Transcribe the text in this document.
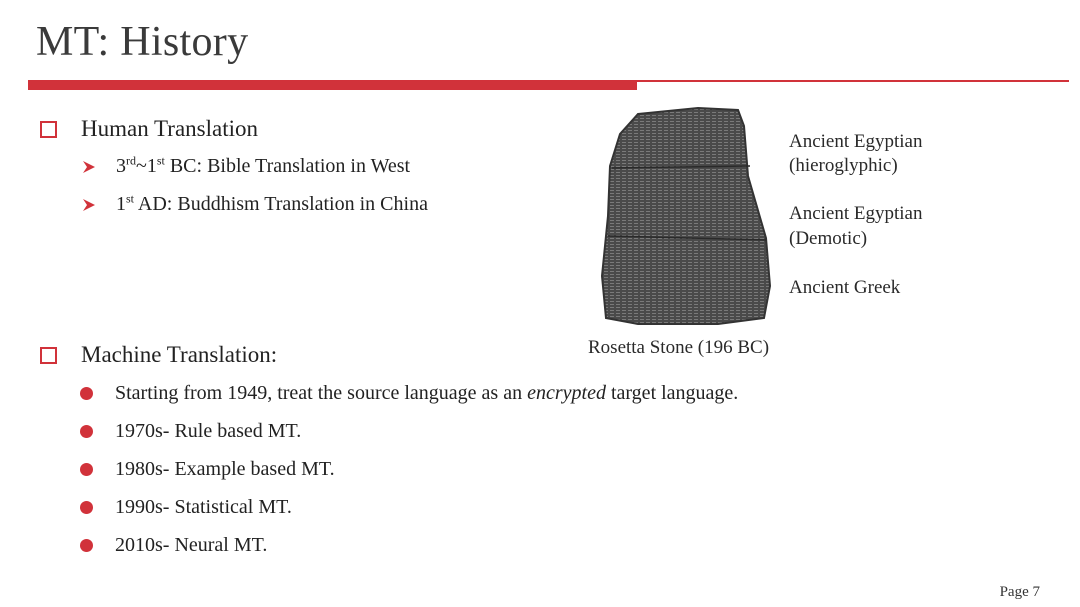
MT: History
Human Translation
3rd~1st BC: Bible Translation in West
1st AD: Buddhism Translation in China
Ancient Egyptian
(hieroglyphic)
Ancient Egyptian
(Demotic)
Ancient Greek
Rosetta Stone (196 BC)
Machine Translation:
Starting from 1949, treat the source language as an encrypted target language.
1970s- Rule based MT.
1980s- Example based MT.
1990s- Statistical MT.
2010s- Neural MT.
Page 7
